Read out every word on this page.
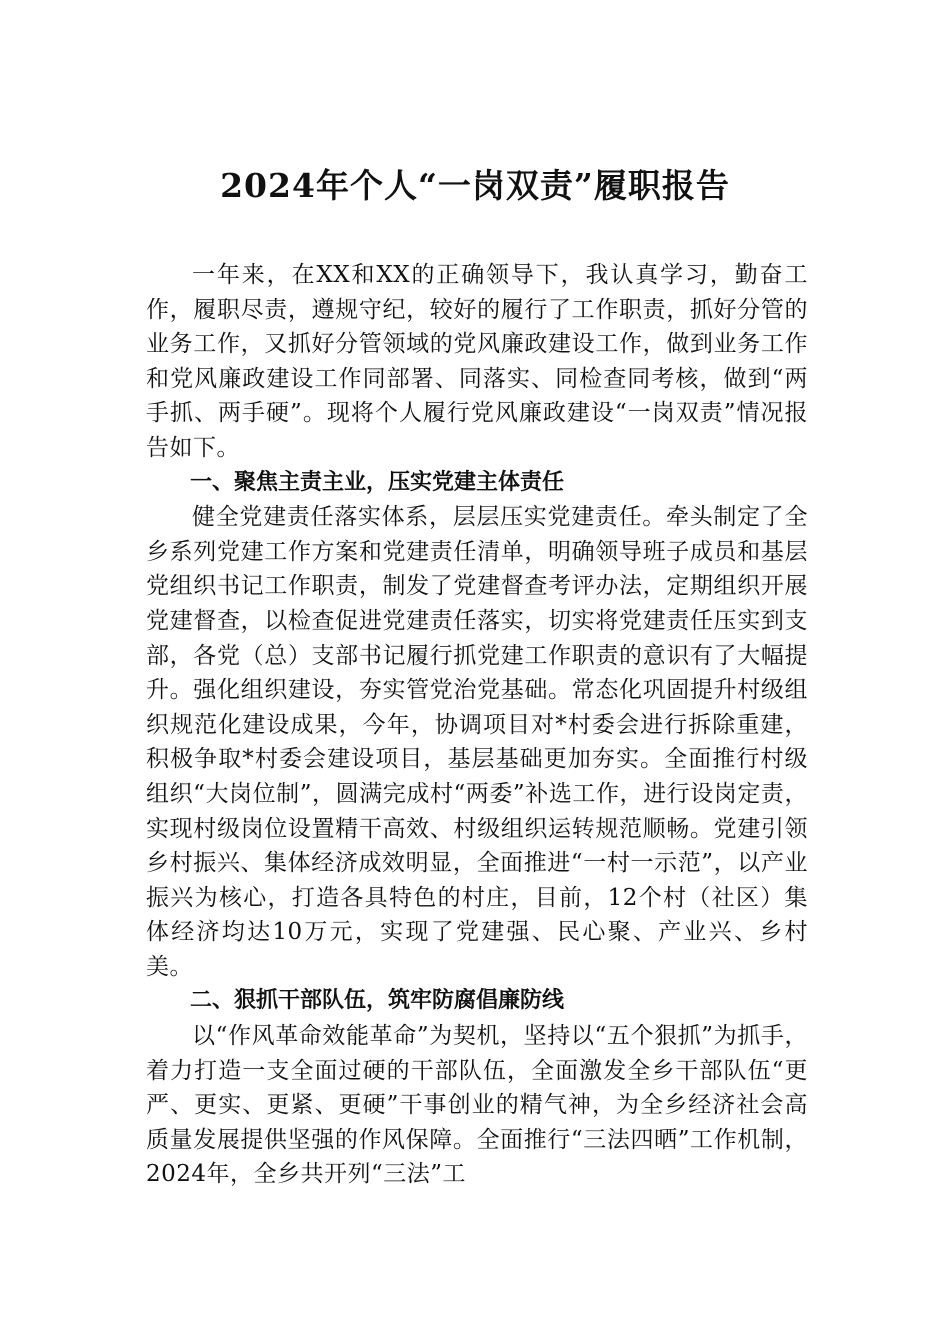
2024年个人“一岗双责”履职报告

一年来，在XX和XX的正确领导下，我认真学习，勤奋工作，履职尽责，遵规守纪，较好的履行了工作职责，抓好分管的业务工作，又抓好分管领域的党风廉政建设工作，做到业务工作和党风廉政建设工作同部署、同落实、同检查同考核，做到“两手抓、两手硬”。现将个人履行党风廉政建设“一岗双责”情况报告如下。

一、聚焦主责主业，压实党建主体责任

健全党建责任落实体系，层层压实党建责任。牵头制定了全乡系列党建工作方案和党建责任清单，明确领导班子成员和基层党组织书记工作职责，制发了党建督查考评办法，定期组织开展党建督查，以检查促进党建责任落实，切实将党建责任压实到支部，各党（总）支部书记履行抓党建工作职责的意识有了大幅提升。强化组织建设，夯实管党治党基础。常态化巩固提升村级组织规范化建设成果，今年，协调项目对*村委会进行拆除重建，积极争取*村委会建设项目，基层基础更加夯实。全面推行村级组织“大岗位制”，圆满完成村“两委”补选工作，进行设岗定责，实现村级岗位设置精干高效、村级组织运转规范顺畅。党建引领乡村振兴、集体经济成效明显，全面推进“一村一示范”，以产业振兴为核心，打造各具特色的村庄，目前，12个村（社区）集体经济均达10万元，实现了党建强、民心聚、产业兴、乡村美。

二、狠抓干部队伍，筑牢防腐倡廉防线

以“作风革命效能革命”为契机，坚持以“五个狠抓”为抓手，着力打造一支全面过硬的干部队伍，全面激发全乡干部队伍“更严、更实、更紧、更硬”干事创业的精气神，为全乡经济社会高质量发展提供坚强的作风保障。全面推行“三法四晒”工作机制，2024年，全乡共开列“三法”工
